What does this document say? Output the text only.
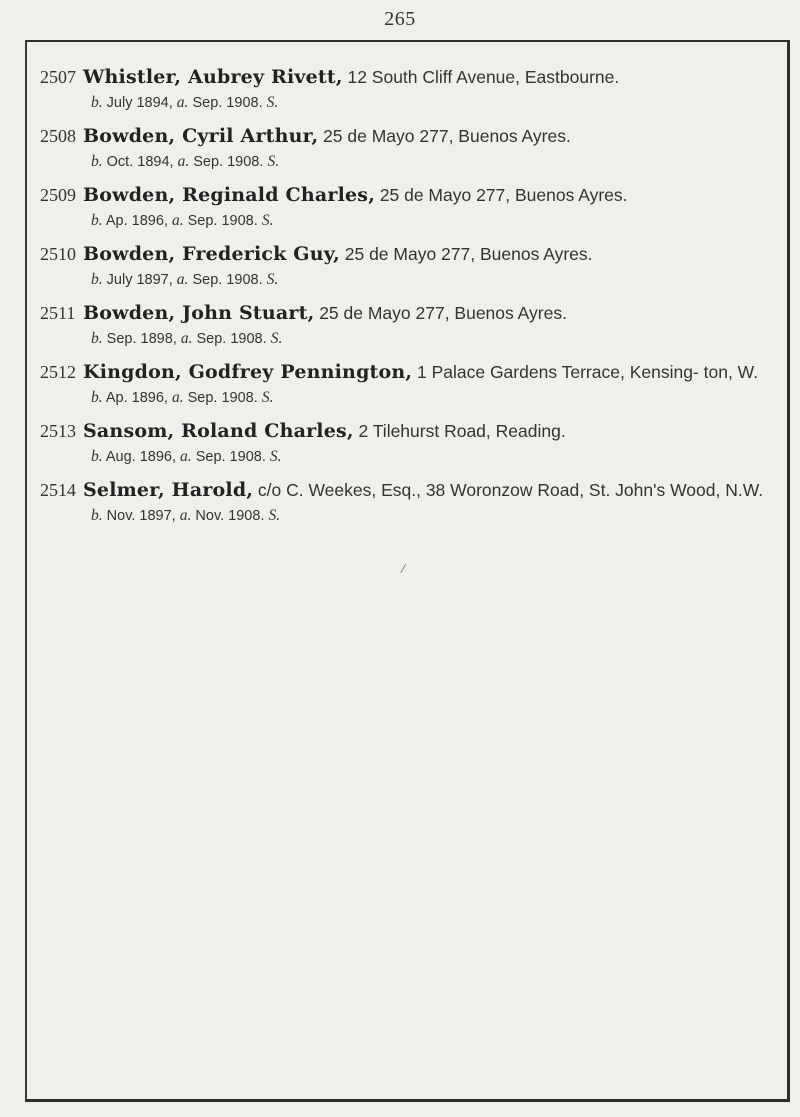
265
2507 Whistler, Aubrey Rivett, 12 South Cliff Avenue, Eastbourne.
b. July 1894, a. Sep. 1908. S.
2508 Bowden, Cyril Arthur, 25 de Mayo 277, Buenos Ayres.
b. Oct. 1894, a. Sep. 1908. S.
2509 Bowden, Reginald Charles, 25 de Mayo 277, Buenos Ayres.
b. Ap. 1896, a. Sep. 1908. S.
2510 Bowden, Frederick Guy, 25 de Mayo 277, Buenos Ayres.
b. July 1897, a. Sep. 1908. S.
2511 Bowden, John Stuart, 25 de Mayo 277, Buenos Ayres.
b. Sep. 1898, a. Sep. 1908. S.
2512 Kingdon, Godfrey Pennington, 1 Palace Gardens Terrace, Kensing- ton, W.
b. Ap. 1896, a. Sep. 1908. S.
2513 Sansom, Roland Charles, 2 Tilehurst Road, Reading.
b. Aug. 1896, a. Sep. 1908. S.
2514 Selmer, Harold, c/o C. Weekes, Esq., 38 Woronzow Road, St. John's Wood, N.W.
b. Nov. 1897, a. Nov. 1908. S.
/
